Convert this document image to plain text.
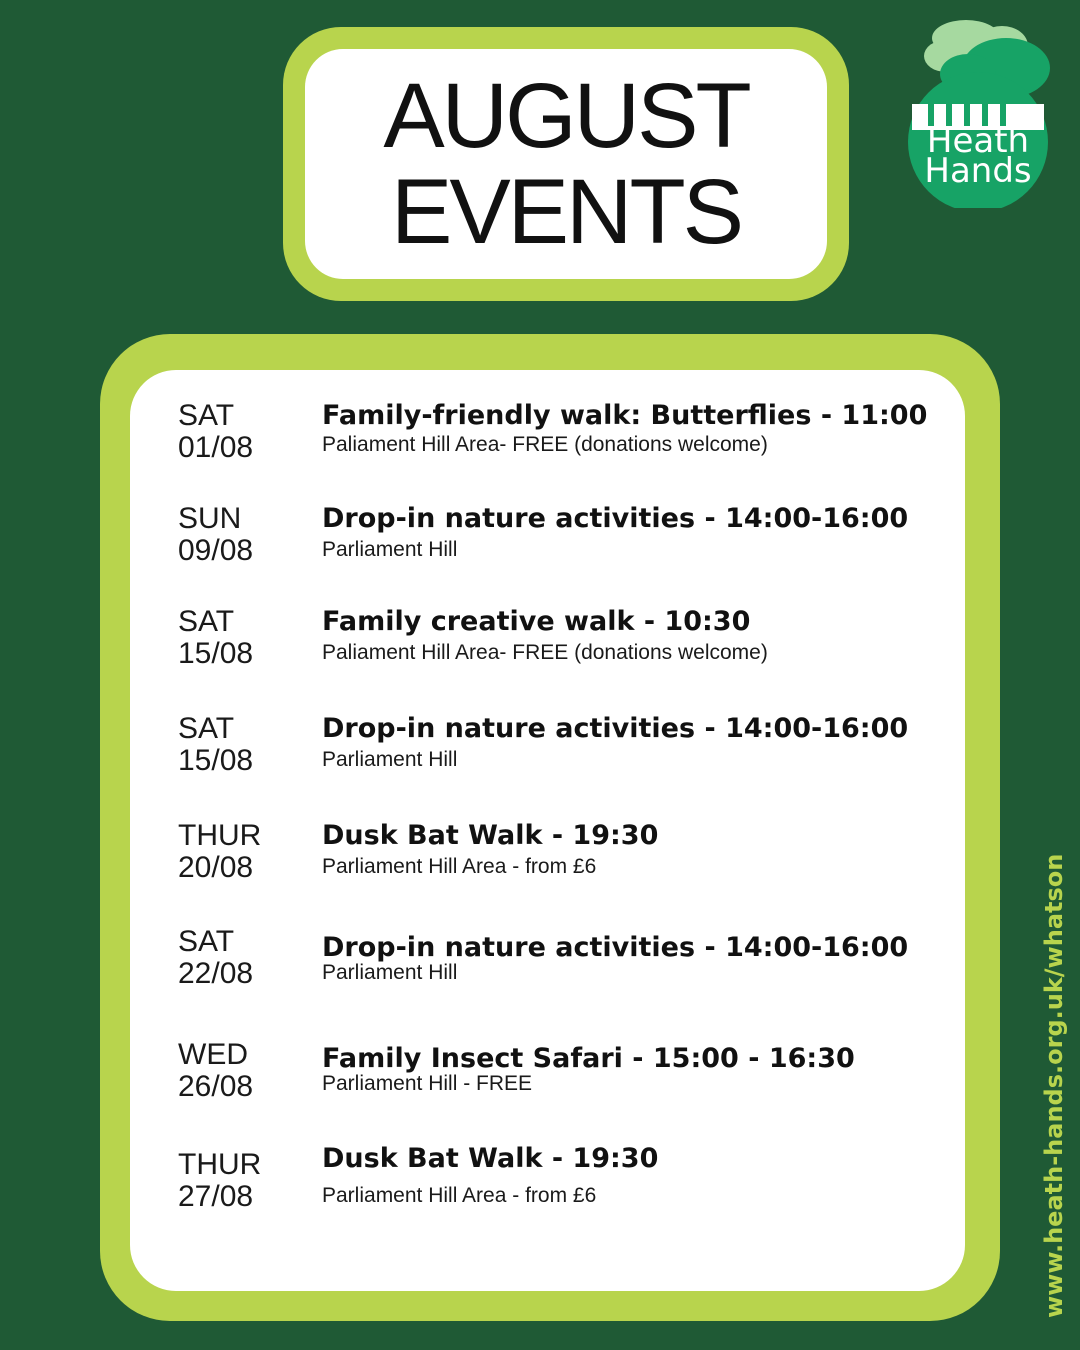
AUGUST
EVENTS
Heath
Hands
SAT
01/08
Family-friendly walk: Butterflies - 11:00
Paliament Hill Area- FREE (donations welcome)
SUN
09/08
Drop-in nature activities - 14:00-16:00
Parliament Hill
SAT
15/08
Family creative walk - 10:30
Paliament Hill Area- FREE (donations welcome)
SAT
15/08
Drop-in nature activities - 14:00-16:00
Parliament Hill
THUR
20/08
Dusk Bat Walk - 19:30
Parliament Hill Area - from £6
SAT
22/08
Drop-in nature activities - 14:00-16:00
Parliament Hill
WED
26/08
Family Insect Safari - 15:00 - 16:30
Parliament Hill - FREE
THUR
27/08
Dusk Bat Walk - 19:30
Parliament Hill Area - from £6	www.heath-hands.org.uk/whatson
